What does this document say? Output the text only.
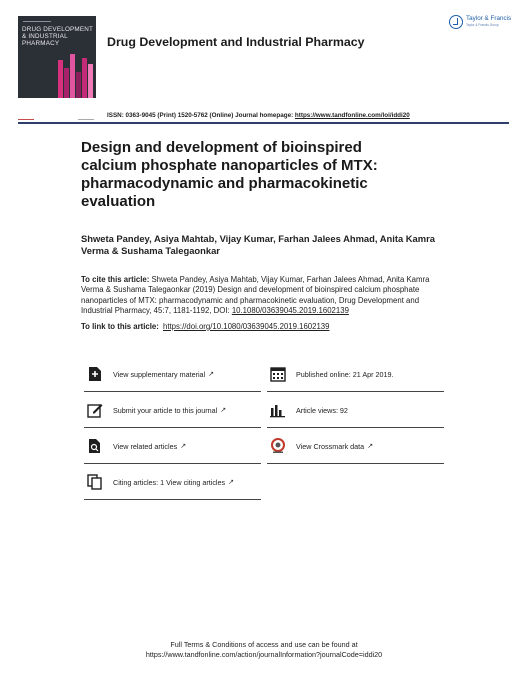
DRUG DEVELOPMENT
& INDUSTRIAL
PHARMACY	Drug Development and Industrial Pharmacy
Taylor & Francis
Taylor & Francis Group
ISSN: 0363-9045 (Print) 1520-5762 (Online) Journal homepage: https://www.tandfonline.com/loi/iddi20
Design and development of bioinspired calcium phosphate nanoparticles of MTX: pharmacodynamic and pharmacokinetic evaluation
Shweta Pandey, Asiya Mahtab, Vijay Kumar, Farhan Jalees Ahmad, Anita Kamra Verma & Sushama Talegaonkar
To cite this article: Shweta Pandey, Asiya Mahtab, Vijay Kumar, Farhan Jalees Ahmad, Anita Kamra Verma & Sushama Talegaonkar (2019) Design and development of bioinspired calcium phosphate nanoparticles of MTX: pharmacodynamic and pharmacokinetic evaluation, Drug Development and Industrial Pharmacy, 45:7, 1181-1192, DOI: 10.1080/03639045.2019.1602139
To link to this article: https://doi.org/10.1080/03639045.2019.1602139
View supplementary material ↗	Published online: 21 Apr 2019.
Submit your article to this journal ↗	Article views: 92
View related articles ↗	View Crossmark data ↗
Citing articles: 1 View citing articles ↗
Full Terms & Conditions of access and use can be found at
https://www.tandfonline.com/action/journalInformation?journalCode=iddi20
